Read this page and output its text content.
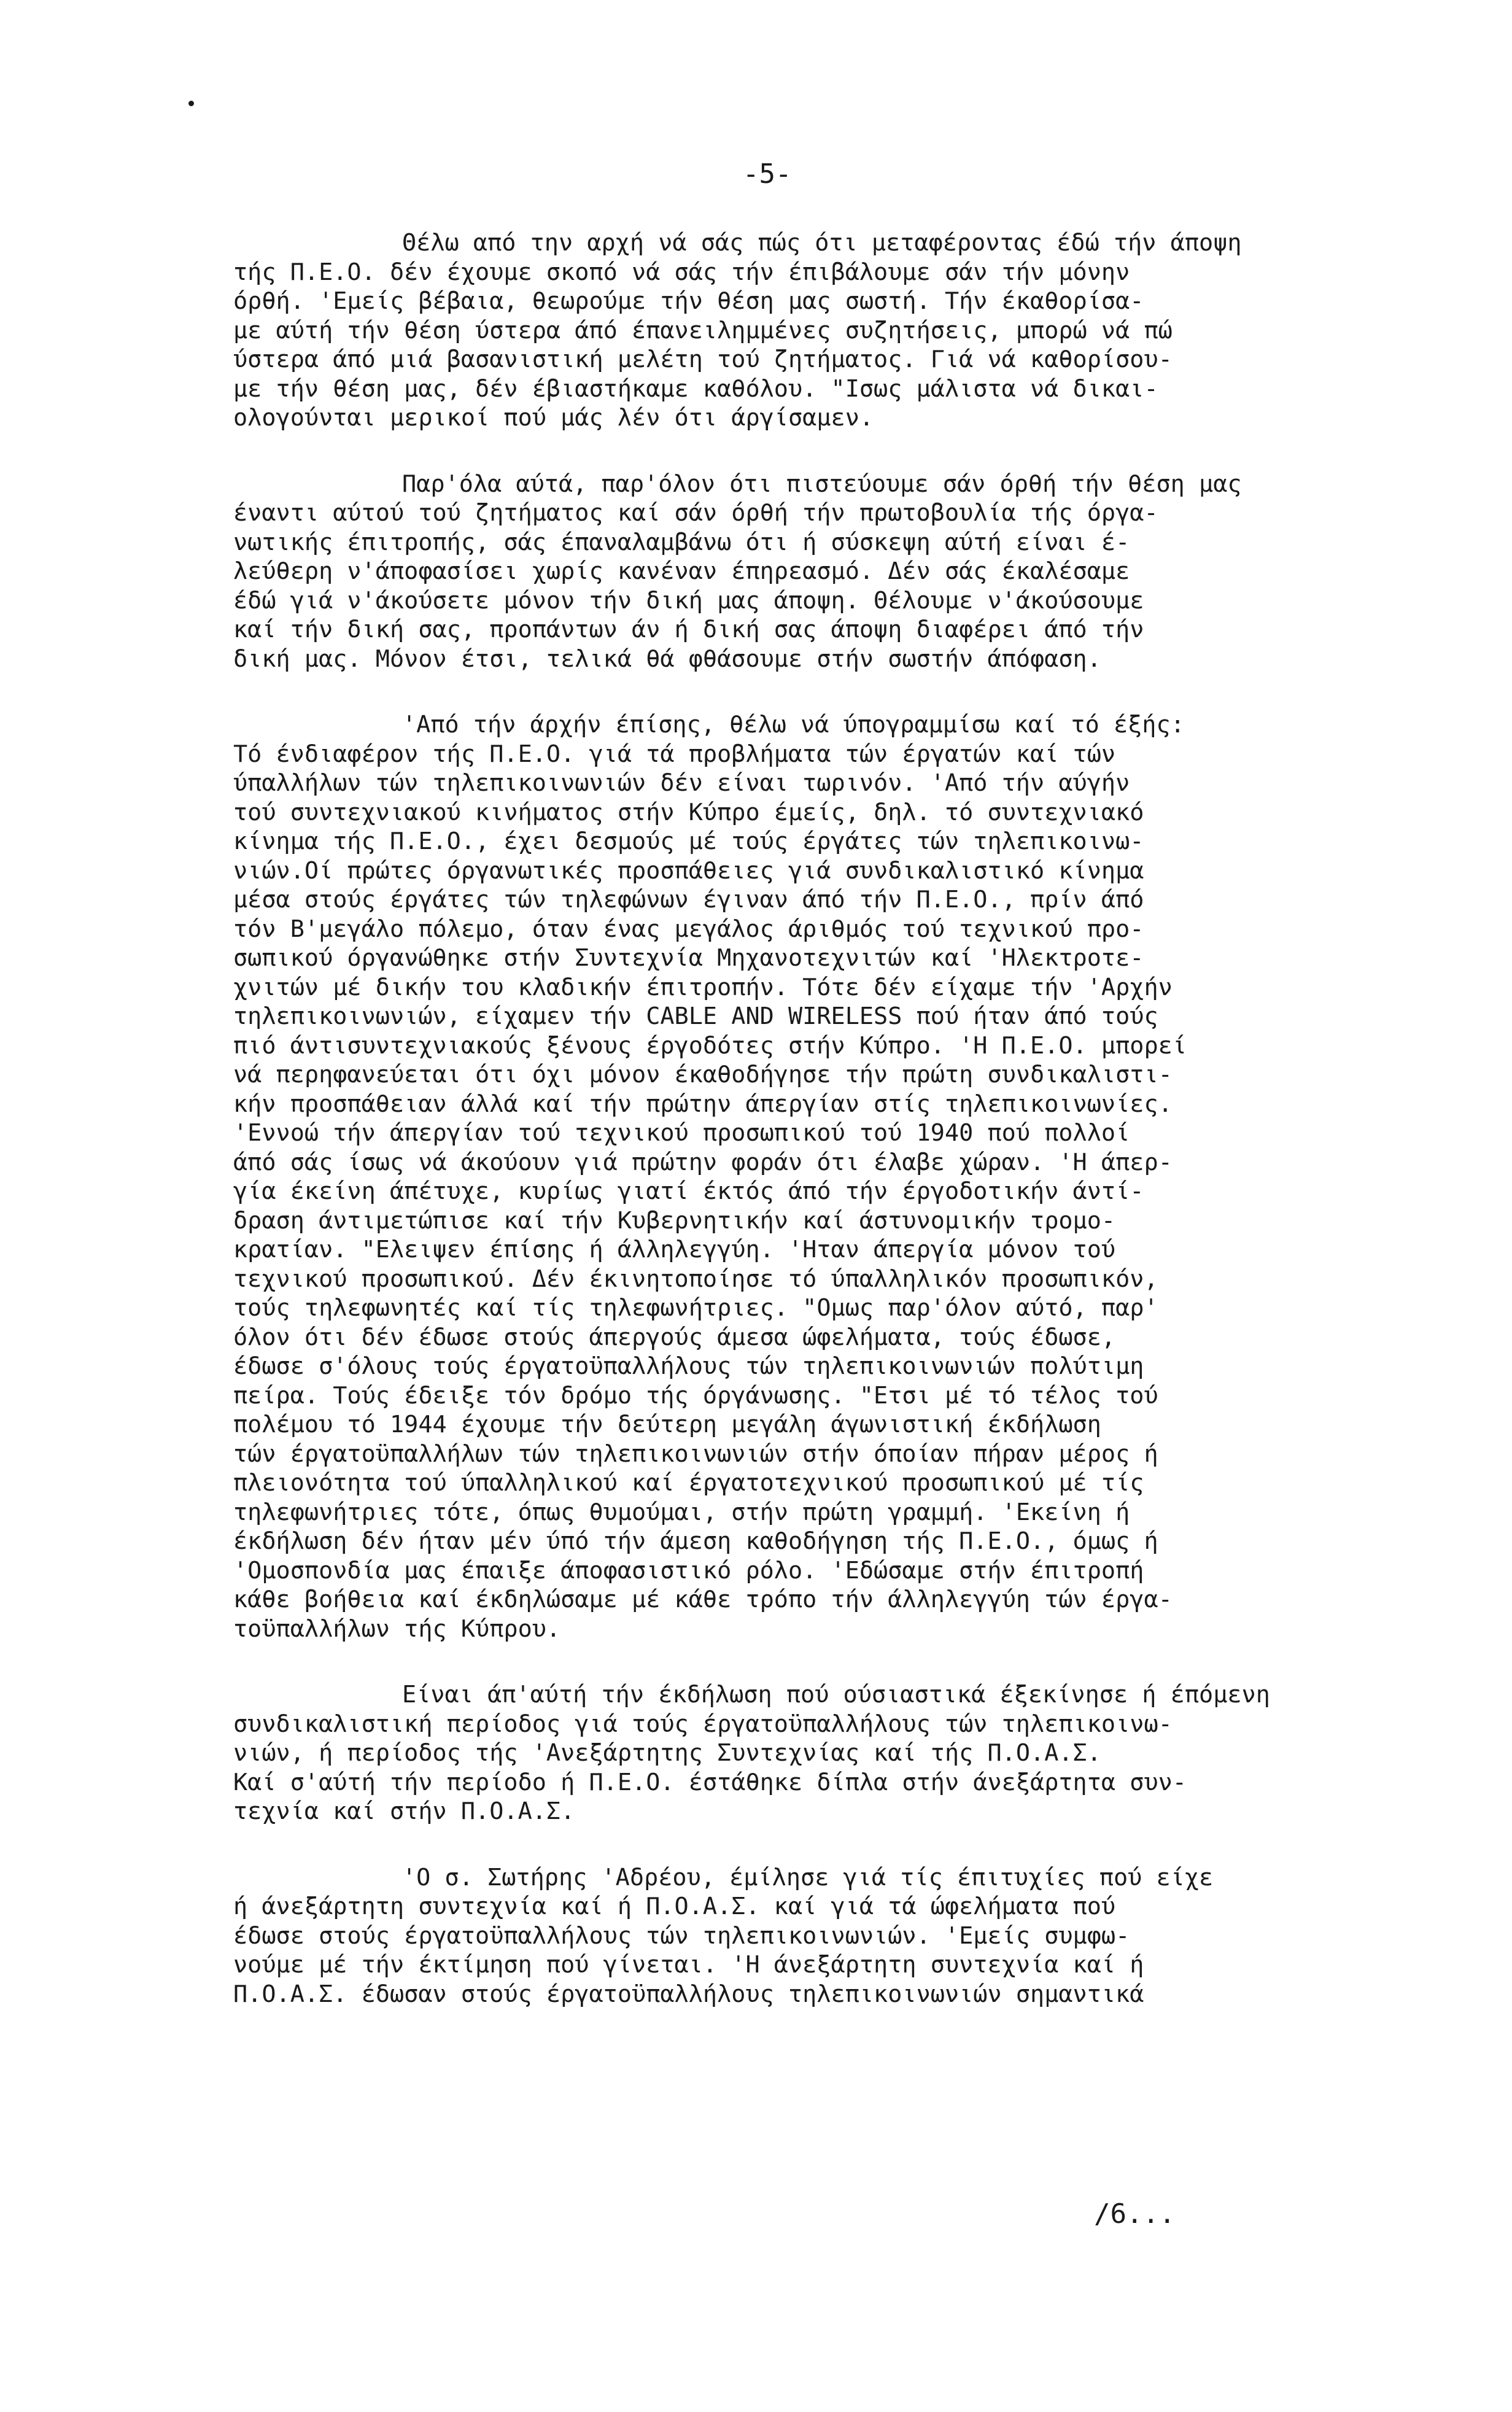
-5-
Θέλω από την αρχή νά σάς πώς ότι μεταφέροντας έδώ τήν άποψη
τής Π.Ε.Ο. δέν έχουμε σκοπό νά σάς τήν έπιβάλουμε σάν τήν μόνην
όρθή. 'Εμείς βέβαια, θεωρούμε τήν θέση μας σωστή. Τήν έκαθορίσα-
με αύτή τήν θέση ύστερα άπό έπανειλημμένες συζητήσεις, μπορώ νά πώ
ύστερα άπό μιά βασανιστική μελέτη τού ζητήματος. Γιά νά καθορίσου-
με τήν θέση μας, δέν έβιαστήκαμε καθόλου. "Ισως μάλιστα νά δικαι-
ολογούνται μερικοί πού μάς λέν ότι άργίσαμεν.
Παρ'όλα αύτά, παρ'όλον ότι πιστεύουμε σάν όρθή τήν θέση μας
έναντι αύτού τού ζητήματος καί σάν όρθή τήν πρωτοβουλία τής όργα-
νωτικής έπιτροπής, σάς έπαναλαμβάνω ότι ή σύσκεψη αύτή είναι έ-
λεύθερη ν'άποφασίσει χωρίς κανέναν έπηρεασμό. Δέν σάς έκαλέσαμε
έδώ γιά ν'άκούσετε μόνον τήν δική μας άποψη. Θέλουμε ν'άκούσουμε
καί τήν δική σας, προπάντων άν ή δική σας άποψη διαφέρει άπό τήν
δική μας. Μόνον έτσι, τελικά θά φθάσουμε στήν σωστήν άπόφαση.
'Από τήν άρχήν έπίσης, θέλω νά ύπογραμμίσω καί τό έξής:
Τό ένδιαφέρον τής Π.Ε.Ο. γιά τά προβλήματα τών έργατών καί τών
ύπαλλήλων τών τηλεπικοινωνιών δέν είναι τωρινόν. 'Από τήν αύγήν
τού συντεχνιακού κινήματος στήν Κύπρο έμείς, δηλ. τό συντεχνιακό
κίνημα τής Π.Ε.Ο., έχει δεσμούς μέ τούς έργάτες τών τηλεπικοινω-
νιών.Οί πρώτες όργανωτικές προσπάθειες γιά συνδικαλιστικό κίνημα
μέσα στούς έργάτες τών τηλεφώνων έγιναν άπό τήν Π.Ε.Ο., πρίν άπό
τόν Β'μεγάλο πόλεμο, όταν ένας μεγάλος άριθμός τού τεχνικού προ-
σωπικού όργανώθηκε στήν Συντεχνία Μηχανοτεχνιτών καί 'Ηλεκτροτε-
χνιτών μέ δικήν του κλαδικήν έπιτροπήν. Τότε δέν είχαμε τήν 'Αρχήν
τηλεπικοινωνιών, είχαμεν τήν CABLE AND WIRELESS πού ήταν άπό τούς
πιό άντισυντεχνιακούς ξένους έργοδότες στήν Κύπρο. 'Η Π.Ε.Ο. μπορεί
νά περηφανεύεται ότι όχι μόνον έκαθοδήγησε τήν πρώτη συνδικαλιστι-
κήν προσπάθειαν άλλά καί τήν πρώτην άπεργίαν στίς τηλεπικοινωνίες.
'Εννοώ τήν άπεργίαν τού τεχνικού προσωπικού τού 1940 πού πολλοί
άπό σάς ίσως νά άκούουν γιά πρώτην φοράν ότι έλαβε χώραν. 'Η άπερ-
γία έκείνη άπέτυχε, κυρίως γιατί έκτός άπό τήν έργοδοτικήν άντί-
δραση άντιμετώπισε καί τήν Κυβερνητικήν καί άστυνομικήν τρομο-
κρατίαν. "Ελειψεν έπίσης ή άλληλεγγύη. 'Ηταν άπεργία μόνον τού
τεχνικού προσωπικού. Δέν έκινητοποίησε τό ύπαλληλικόν προσωπικόν,
τούς τηλεφωνητές καί τίς τηλεφωνήτριες. "Ομως παρ'όλον αύτό, παρ'
όλον ότι δέν έδωσε στούς άπεργούς άμεσα ώφελήματα, τούς έδωσε,
έδωσε σ'όλους τούς έργατοϋπαλλήλους τών τηλεπικοινωνιών πολύτιμη
πείρα. Τούς έδειξε τόν δρόμο τής όργάνωσης. "Ετσι μέ τό τέλος τού
πολέμου τό 1944 έχουμε τήν δεύτερη μεγάλη άγωνιστική έκδήλωση
τών έργατοϋπαλλήλων τών τηλεπικοινωνιών στήν όποίαν πήραν μέρος ή
πλειονότητα τού ύπαλληλικού καί έργατοτεχνικού προσωπικού μέ τίς
τηλεφωνήτριες τότε, όπως θυμούμαι, στήν πρώτη γραμμή. 'Εκείνη ή
έκδήλωση δέν ήταν μέν ύπό τήν άμεση καθοδήγηση τής Π.Ε.Ο., όμως ή
'Ομοσπονδία μας έπαιξε άποφασιστικό ρόλο. 'Εδώσαμε στήν έπιτροπή
κάθε βοήθεια καί έκδηλώσαμε μέ κάθε τρόπο τήν άλληλεγγύη τών έργα-
τοϋπαλλήλων τής Κύπρου.
Είναι άπ'αύτή τήν έκδήλωση πού ούσιαστικά έξεκίνησε ή έπόμενη
συνδικαλιστική περίοδος γιά τούς έργατοϋπαλλήλους τών τηλεπικοινω-
νιών, ή περίοδος τής 'Ανεξάρτητης Συντεχνίας καί τής Π.Ο.Α.Σ.
Καί σ'αύτή τήν περίοδο ή Π.Ε.Ο. έστάθηκε δίπλα στήν άνεξάρτητα συν-
τεχνία καί στήν Π.Ο.Α.Σ.
'Ο σ. Σωτήρης 'Αδρέου, έμίλησε γιά τίς έπιτυχίες πού είχε
ή άνεξάρτητη συντεχνία καί ή Π.Ο.Α.Σ. καί γιά τά ώφελήματα πού
έδωσε στούς έργατοϋπαλλήλους τών τηλεπικοινωνιών. 'Εμείς συμφω-
νούμε μέ τήν έκτίμηση πού γίνεται. 'Η άνεξάρτητη συντεχνία καί ή
Π.Ο.Α.Σ. έδωσαν στούς έργατοϋπαλλήλους τηλεπικοινωνιών σημαντικά
/6...
